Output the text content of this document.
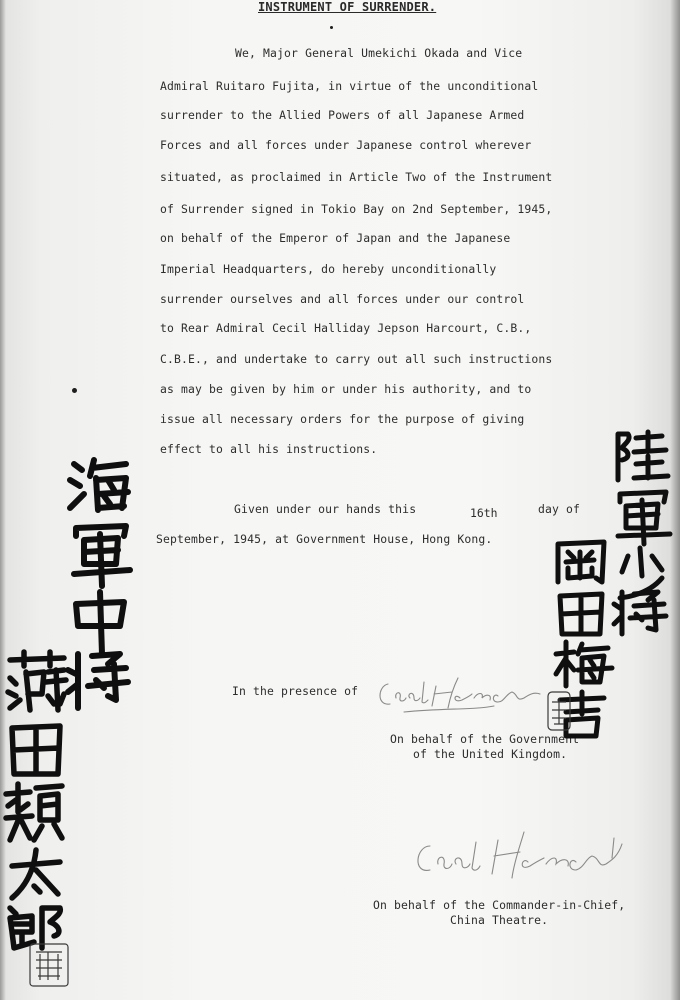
INSTRUMENT OF SURRENDER.
We, Major General Umekichi Okada and Vice
Admiral Ruitaro Fujita, in virtue of the unconditional
surrender to the Allied Powers of all Japanese Armed
Forces and all forces under Japanese control wherever
situated, as proclaimed in Article Two of the Instrument
of Surrender signed in Tokio Bay on 2nd September, 1945,
on behalf of the Emperor of Japan and the Japanese
Imperial Headquarters, do hereby unconditionally
surrender ourselves and all forces under our control
to Rear Admiral Cecil Halliday Jepson Harcourt, C.B.,
C.B.E., and undertake to carry out all such instructions
as may be given by him or under his authority, and to
issue all necessary orders for the purpose of giving
effect to all his instructions.
Given under our hands this	16th	day of
September, 1945, at Government House, Hong Kong.
In the presence of
On behalf of the Government
of the United Kingdom.
On behalf of the Commander-in-Chief,
China Theatre.
